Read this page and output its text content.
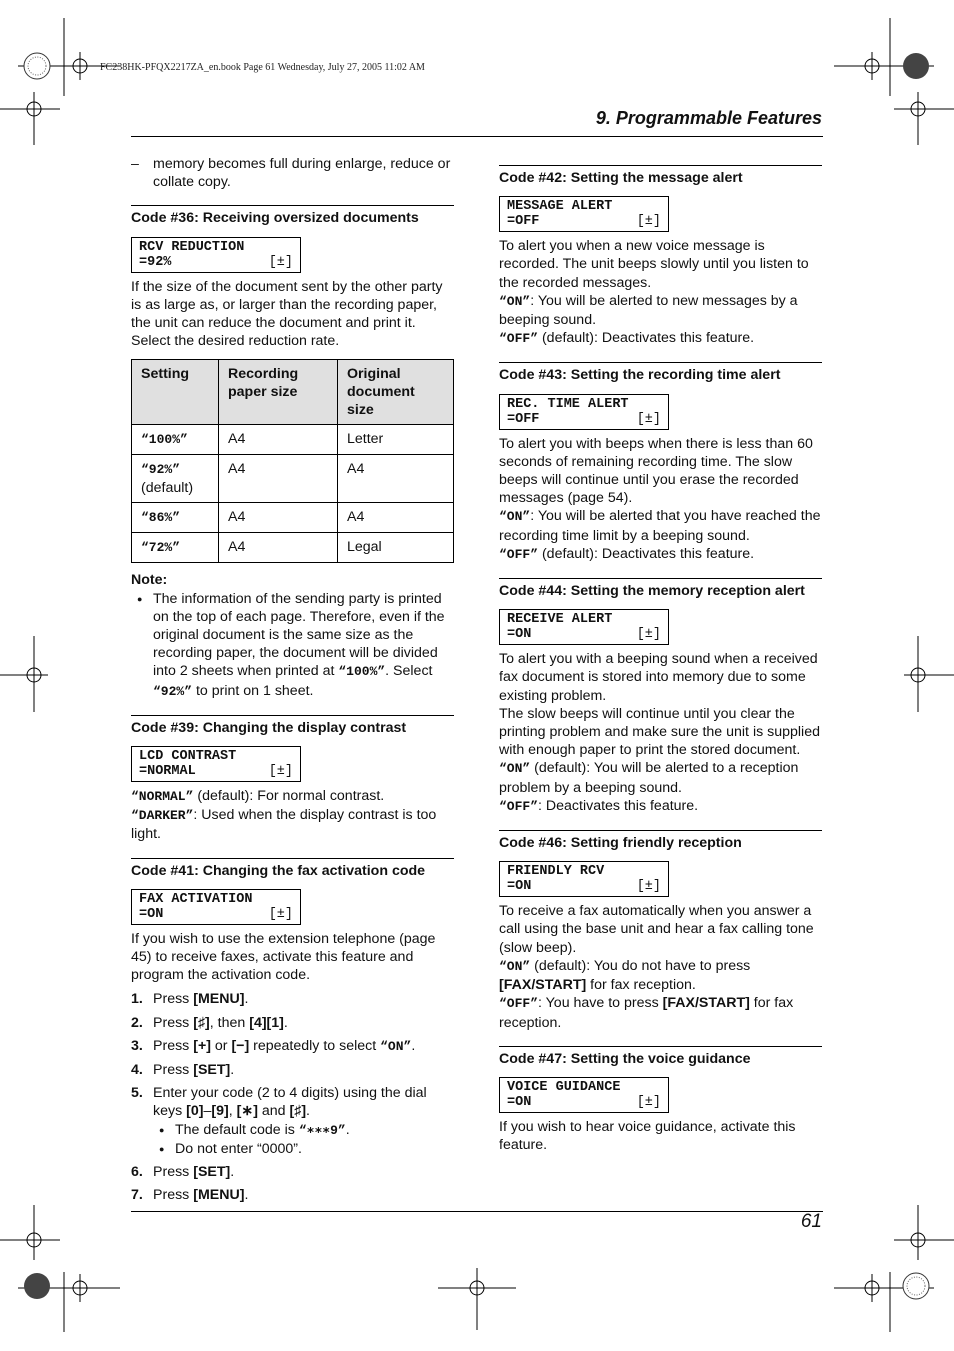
FC238HK-PFQX2217ZA_en.book Page 61 Wednesday, July 27, 2005 11:02 AM
9. Programmable Features
– memory becomes full during enlarge, reduce or collate copy.
Code #36: Receiving oversized documents
RCV REDUCTION
=92%	[±]

If the size of the document sent by the other party is as large as, or larger than the recording paper, the unit can reduce the document and print it. Select the desired reduction rate.

Setting	Recording paper size	Original document size
“100%”	A4	Letter
“92%”
(default)	A4	A4
“86%”	A4	A4
“72%”	A4	Legal
Note:
● The information of the sending party is printed on the top of each page. Therefore, even if the original document is the same size as the recording paper, the document will be divided into 2 sheets when printed at “100%”. Select “92%” to print on 1 sheet.
Code #39: Changing the display contrast
LCD CONTRAST
=NORMAL	[±]

“NORMAL” (default): For normal contrast.

“DARKER”: Used when the display contrast is too light.

Code #41: Changing the fax activation code
FAX ACTIVATION
=ON	[±]

If you wish to use the extension telephone (page 45) to receive faxes, activate this feature and program the activation code.

1. Press [MENU].
2. Press [♯], then [4][1].
3. Press [+] or [−] repeatedly to select “ON”.
4. Press [SET].
5. Enter your code (2 to 4 digits) using the dial keys [0]–[9], [∗] and [♯].
● The default code is “∗∗∗9”.
● Do not enter “0000”.
6. Press [SET].
7. Press [MENU].
Code #42: Setting the message alert
MESSAGE ALERT
=OFF	[±]

To alert you when a new voice message is recorded. The unit beeps slowly until you listen to the recorded messages.

“ON”: You will be alerted to new messages by a beeping sound.

“OFF” (default): Deactivates this feature.

Code #43: Setting the recording time alert
REC. TIME ALERT
=OFF	[±]

To alert you with beeps when there is less than 60 seconds of remaining recording time. The slow beeps will continue until you erase the recorded messages (page 54).

“ON”: You will be alerted that you have reached the recording time limit by a beeping sound.

“OFF” (default): Deactivates this feature.

Code #44: Setting the memory reception alert
RECEIVE ALERT
=ON	[±]

To alert you with a beeping sound when a received fax document is stored into memory due to some existing problem.

The slow beeps will continue until you clear the printing problem and make sure the unit is supplied with enough paper to print the stored document.

“ON” (default): You will be alerted to a reception problem by a beeping sound.

“OFF”: Deactivates this feature.

Code #46: Setting friendly reception
FRIENDLY RCV
=ON	[±]

To receive a fax automatically when you answer a call using the base unit and hear a fax calling tone (slow beep).

“ON” (default): You do not have to press [FAX/START] for fax reception.

“OFF”: You have to press [FAX/START] for fax reception.

Code #47: Setting the voice guidance
VOICE GUIDANCE
=ON	[±]

If you wish to hear voice guidance, activate this feature.

61
